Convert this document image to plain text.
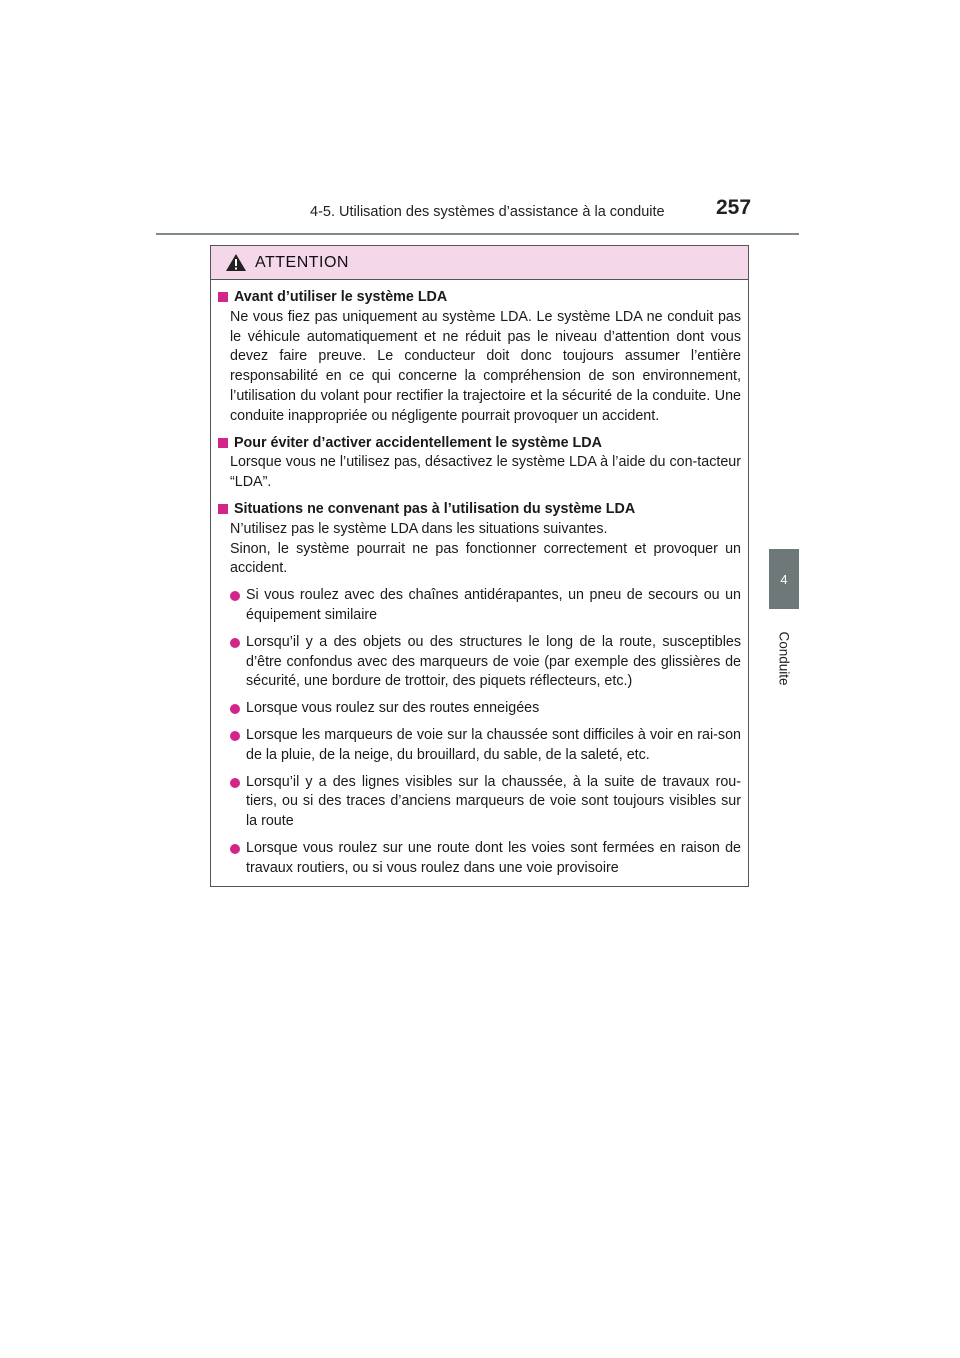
4-5. Utilisation des systèmes d’assistance à la conduite 257
4
Conduite
ATTENTION
Avant d’utiliser le système LDA
Ne vous fiez pas uniquement au système LDA. Le système LDA ne conduit pas le véhicule automatiquement et ne réduit pas le niveau d’attention dont vous devez faire preuve. Le conducteur doit donc toujours assumer l’entière responsabilité en ce qui concerne la compréhension de son environnement, l’utilisation du volant pour rectifier la trajectoire et la sécurité de la conduite. Une conduite inappropriée ou négligente pourrait provoquer un accident.
Pour éviter d’activer accidentellement le système LDA
Lorsque vous ne l’utilisez pas, désactivez le système LDA à l’aide du con-tacteur “LDA”.
Situations ne convenant pas à l’utilisation du système LDA
N’utilisez pas le système LDA dans les situations suivantes.
Sinon, le système pourrait ne pas fonctionner correctement et provoquer un accident.
Si vous roulez avec des chaînes antidérapantes, un pneu de secours ou un équipement similaire
Lorsqu’il y a des objets ou des structures le long de la route, susceptibles d’être confondus avec des marqueurs de voie (par exemple des glissières de sécurité, une bordure de trottoir, des piquets réflecteurs, etc.)
Lorsque vous roulez sur des routes enneigées
Lorsque les marqueurs de voie sur la chaussée sont difficiles à voir en rai-son de la pluie, de la neige, du brouillard, du sable, de la saleté, etc.
Lorsqu’il y a des lignes visibles sur la chaussée, à la suite de travaux rou-tiers, ou si des traces d’anciens marqueurs de voie sont toujours visibles sur la route
Lorsque vous roulez sur une route dont les voies sont fermées en raison de travaux routiers, ou si vous roulez dans une voie provisoire
